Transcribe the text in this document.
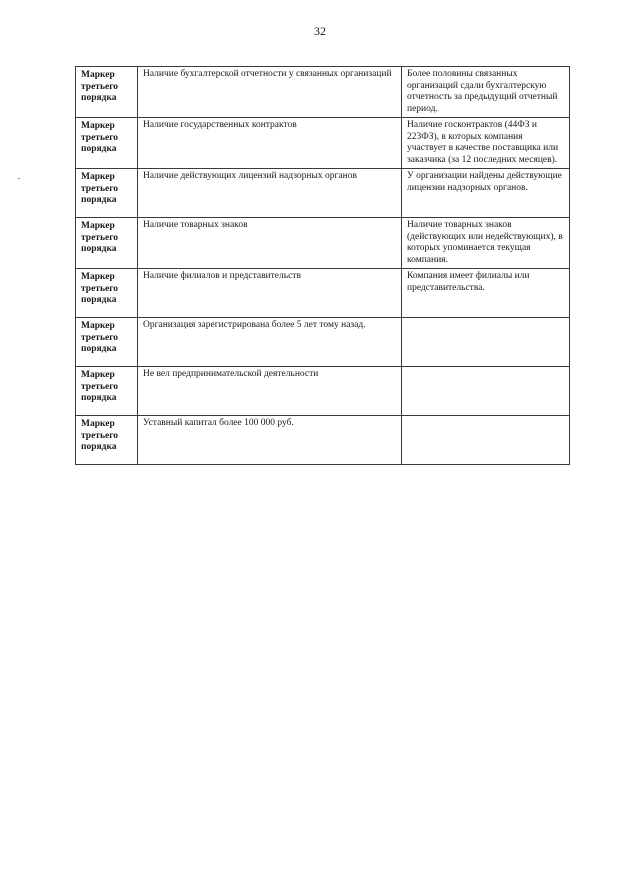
32
Маркер третьего порядка	Наличие бухгалтерской отчетности у связанных организаций	Более половины связанных организаций сдали бухгалтерскую отчетность за предыдущий отчетный период.
Маркер третьего порядка	Наличие государственных контрактов	Наличие госконтрактов (44ФЗ и 223ФЗ), в которых компания участвует в качестве поставщика или заказчика (за 12 последних месяцев).
Маркер третьего порядка	Наличие действующих лицензий надзорных органов	У организации найдены действующие лицензии надзорных органов.
Маркер третьего порядка	Наличие товарных знаков	Наличие товарных знаков (действующих или недействующих), в которых упоминается текущая компания.
Маркер третьего порядка	Наличие филиалов и представительств	Компания имеет филиалы или представительства.
Маркер третьего порядка	Организация зарегистрирована более 5 лет тому назад.	
Маркер третьего порядка	Не вел предпринимательской деятельности	
Маркер третьего порядка	Уставный капитал более 100 000 руб.	
